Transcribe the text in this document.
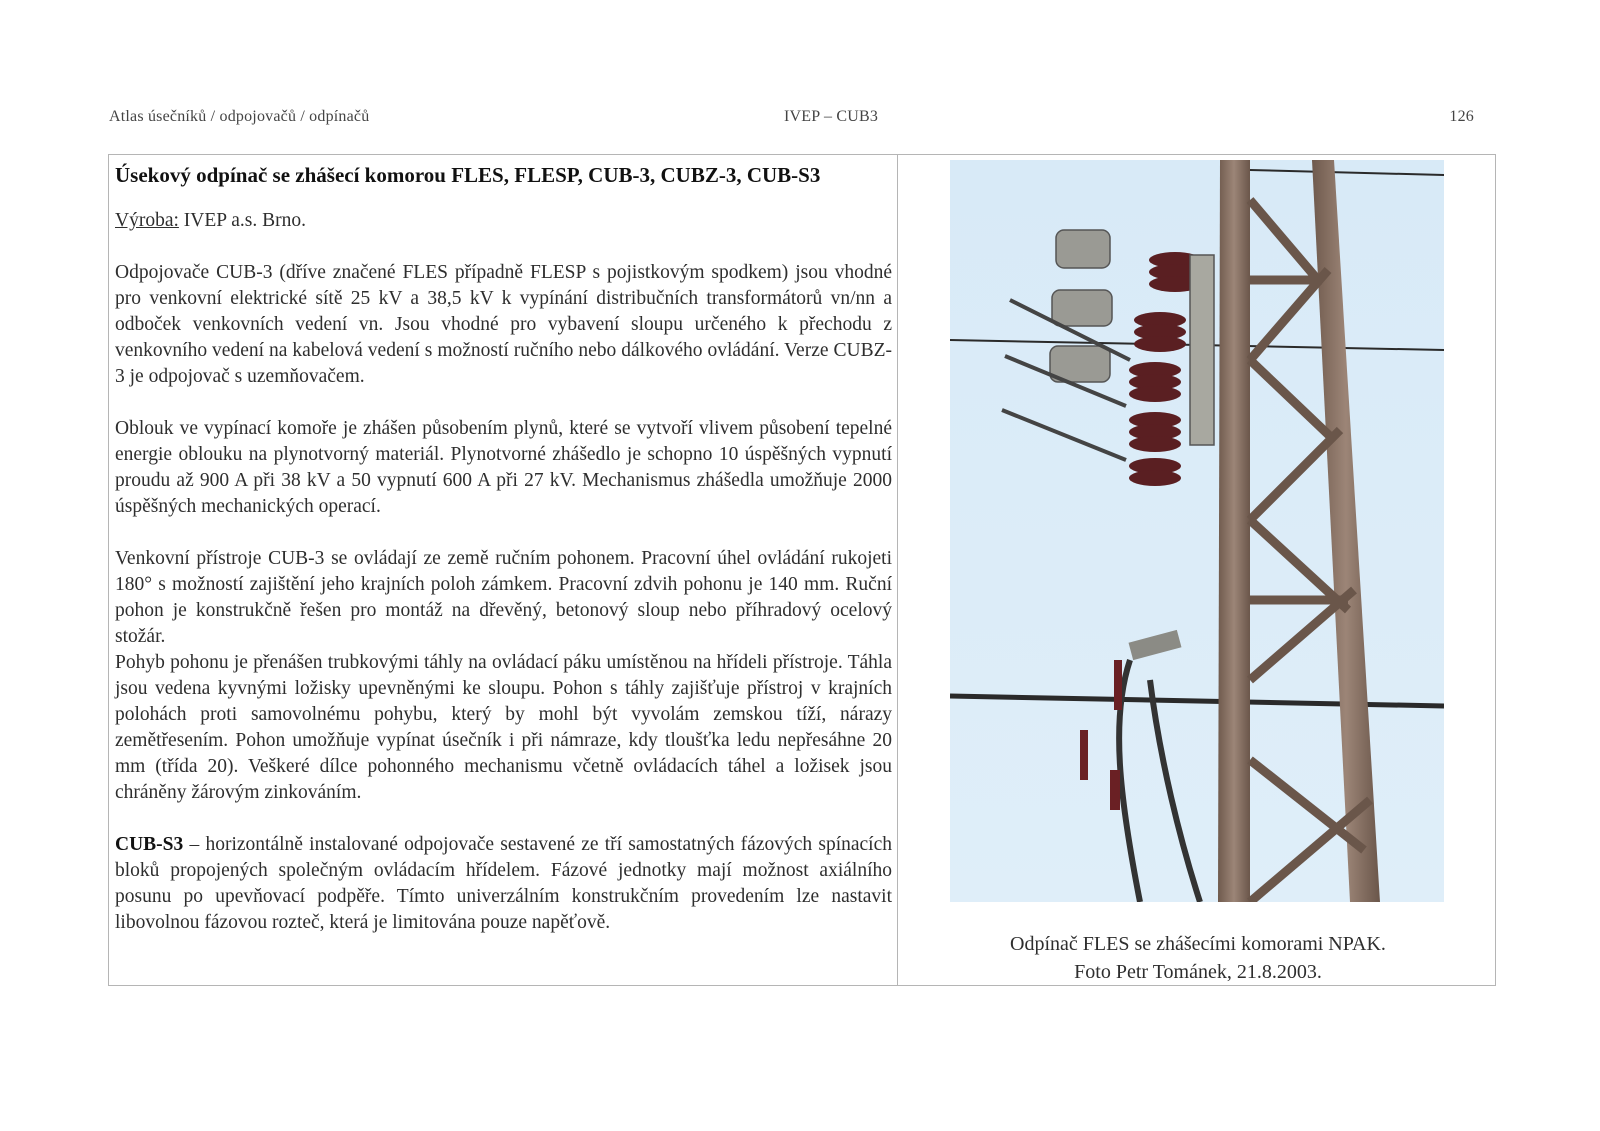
Atlas úsečníků / odpojovačů / odpínačů	IVEP – CUB3	126
Úsekový odpínač se zhášecí komorou FLES, FLESP, CUB-3, CUBZ-3, CUB-S3
Výroba: IVEP a.s. Brno.
Odpojovače CUB-3 (dříve značené FLES případně FLESP s pojistkovým spodkem) jsou vhodné pro venkovní elektrické sítě 25 kV a 38,5 kV k vypínání distribučních transformátorů vn/nn a odboček venkovních vedení vn. Jsou vhodné pro vybavení sloupu určeného k přechodu z venkovního vedení na kabelová vedení s možností ručního nebo dálkového ovládání. Verze CUBZ-3 je odpojovač s uzemňovačem.
Oblouk ve vypínací komoře je zhášen působením plynů, které se vytvoří vlivem působení tepelné energie oblouku na plynotvorný materiál. Plynotvorné zhášedlo je schopno 10 úspěšných vypnutí proudu až 900 A při 38 kV a 50 vypnutí 600 A při 27 kV. Mechanismus zhášedla umožňuje 2000 úspěšných mechanických operací.
Venkovní přístroje CUB-3 se ovládají ze země ručním pohonem. Pracovní úhel ovládání rukojeti 180° s možností zajištění jeho krajních poloh zámkem. Pracovní zdvih pohonu je 140 mm. Ruční pohon je konstrukčně řešen pro montáž na dřevěný, betonový sloup nebo příhradový ocelový stožár.
Pohyb pohonu je přenášen trubkovými táhly na ovládací páku umístěnou na hřídeli přístroje. Táhla jsou vedena kyvnými ložisky upevněnými ke sloupu. Pohon s táhly zajišťuje přístroj v krajních polohách proti samovolnému pohybu, který by mohl být vyvolám zemskou tíží, nárazy zemětřesením. Pohon umožňuje vypínat úsečník i při námraze, kdy tloušťka ledu nepřesáhne 20 mm (třída 20). Veškeré dílce pohonného mechanismu včetně ovládacích táhel a ložisek jsou chráněny žárovým zinkováním.
CUB-S3 – horizontálně instalované odpojovače sestavené ze tří samostatných fázových spínacích bloků propojených společným ovládacím hřídelem. Fázové jednotky mají možnost axiálního posunu po upevňovací podpěře. Tímto univerzálním konstrukčním provedením lze nastavit libovolnou fázovou rozteč, která je limitována pouze napěťově.
Odpínač FLES se zhášecími komorami NPAK.
Foto Petr Tománek, 21.8.2003.
